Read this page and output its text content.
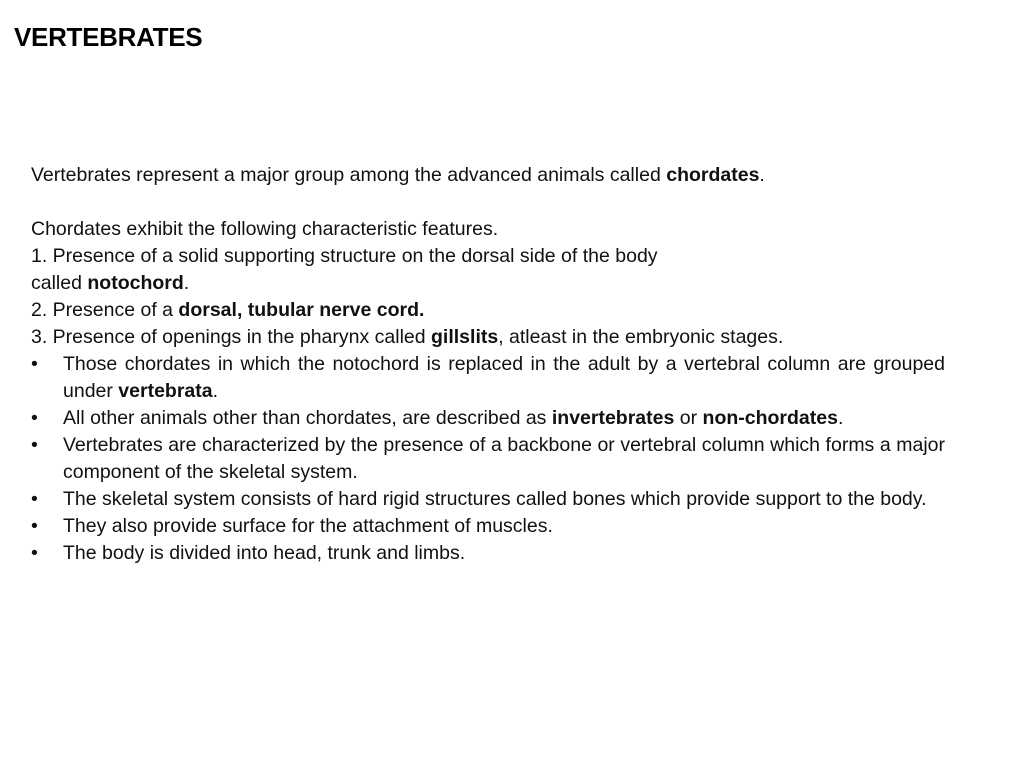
VERTEBRATES

Vertebrates represent a major group among the advanced animals called chordates.

Chordates exhibit the following characteristic features.

1. Presence of a solid supporting structure on the dorsal side of the body

called notochord.

2. Presence of a dorsal, tubular nerve cord.

3. Presence of openings in the pharynx called gillslits, atleast in the embryonic stages.

• Those chordates in which the notochord is replaced in the adult by a vertebral column are grouped under vertebrata.
• All other animals other than chordates, are described as invertebrates or non-chordates.
• Vertebrates are characterized by the presence of a backbone or vertebral column which forms a major component of the skeletal system.
• The skeletal system consists of hard rigid structures called bones which provide support to the body.
• They also provide surface for the attachment of muscles.
• The body is divided into head, trunk and limbs.
